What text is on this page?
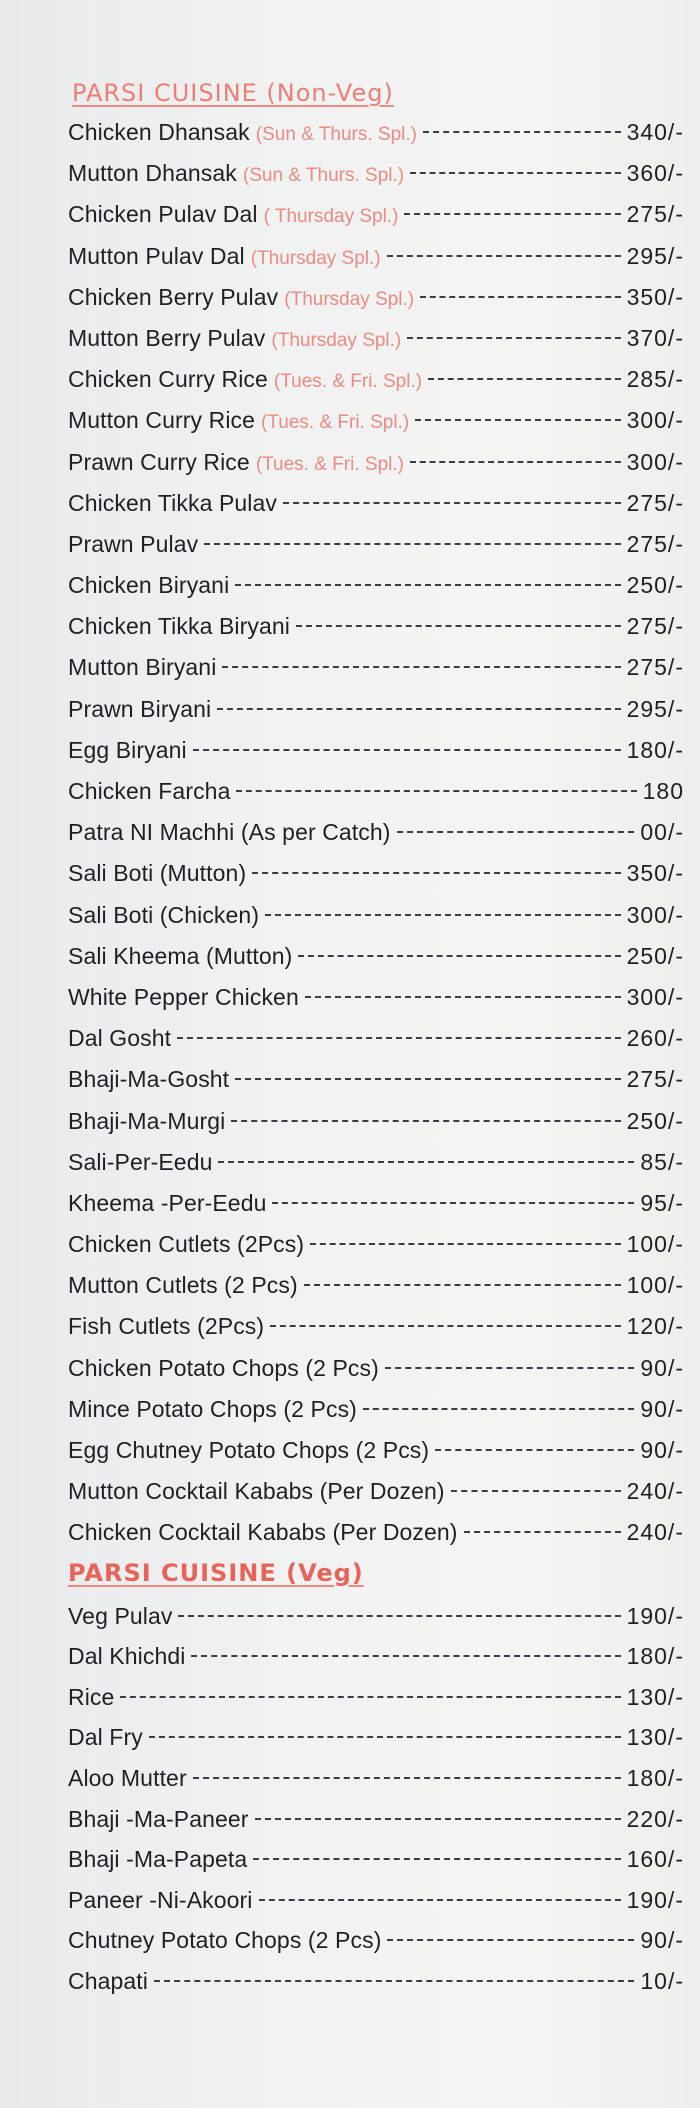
PARSI CUISINE (Non-Veg)
Chicken Dhansak (Sun & Thurs. Spl.)	340/-
Mutton Dhansak (Sun & Thurs. Spl.)	360/-
Chicken Pulav Dal ( Thursday Spl.)	275/-
Mutton Pulav Dal (Thursday Spl.)	295/-
Chicken Berry Pulav (Thursday Spl.)	350/-
Mutton Berry Pulav (Thursday Spl.)	370/-
Chicken Curry Rice (Tues. & Fri. Spl.)	285/-
Mutton Curry Rice (Tues. & Fri. Spl.)	300/-
Prawn Curry Rice (Tues. & Fri. Spl.)	300/-
Chicken Tikka Pulav	275/-
Prawn Pulav	275/-
Chicken Biryani	250/-
Chicken Tikka Biryani	275/-
Mutton Biryani	275/-
Prawn Biryani	295/-
Egg Biryani	180/-
Chicken Farcha	180
Patra NI Machhi (As per Catch)	00/-
Sali Boti (Mutton)	350/-
Sali Boti (Chicken)	300/-
Sali Kheema (Mutton)	250/-
White Pepper Chicken	300/-
Dal Gosht	260/-
Bhaji-Ma-Gosht	275/-
Bhaji-Ma-Murgi	250/-
Sali-Per-Eedu	85/-
Kheema -Per-Eedu	95/-
Chicken Cutlets (2Pcs)	100/-
Mutton Cutlets (2 Pcs)	100/-
Fish Cutlets (2Pcs)	120/-
Chicken Potato Chops (2 Pcs)	90/-
Mince Potato Chops (2 Pcs)	90/-
Egg Chutney Potato Chops (2 Pcs)	90/-
Mutton Cocktail Kababs (Per Dozen)	240/-
Chicken Cocktail Kababs (Per Dozen)	240/-
PARSI CUISINE (Veg)
Veg Pulav	190/-
Dal Khichdi	180/-
Rice	130/-
Dal Fry	130/-
Aloo Mutter	180/-
Bhaji -Ma-Paneer	220/-
Bhaji -Ma-Papeta	160/-
Paneer -Ni-Akoori	190/-
Chutney Potato Chops (2 Pcs)	90/-
Chapati	10/-
